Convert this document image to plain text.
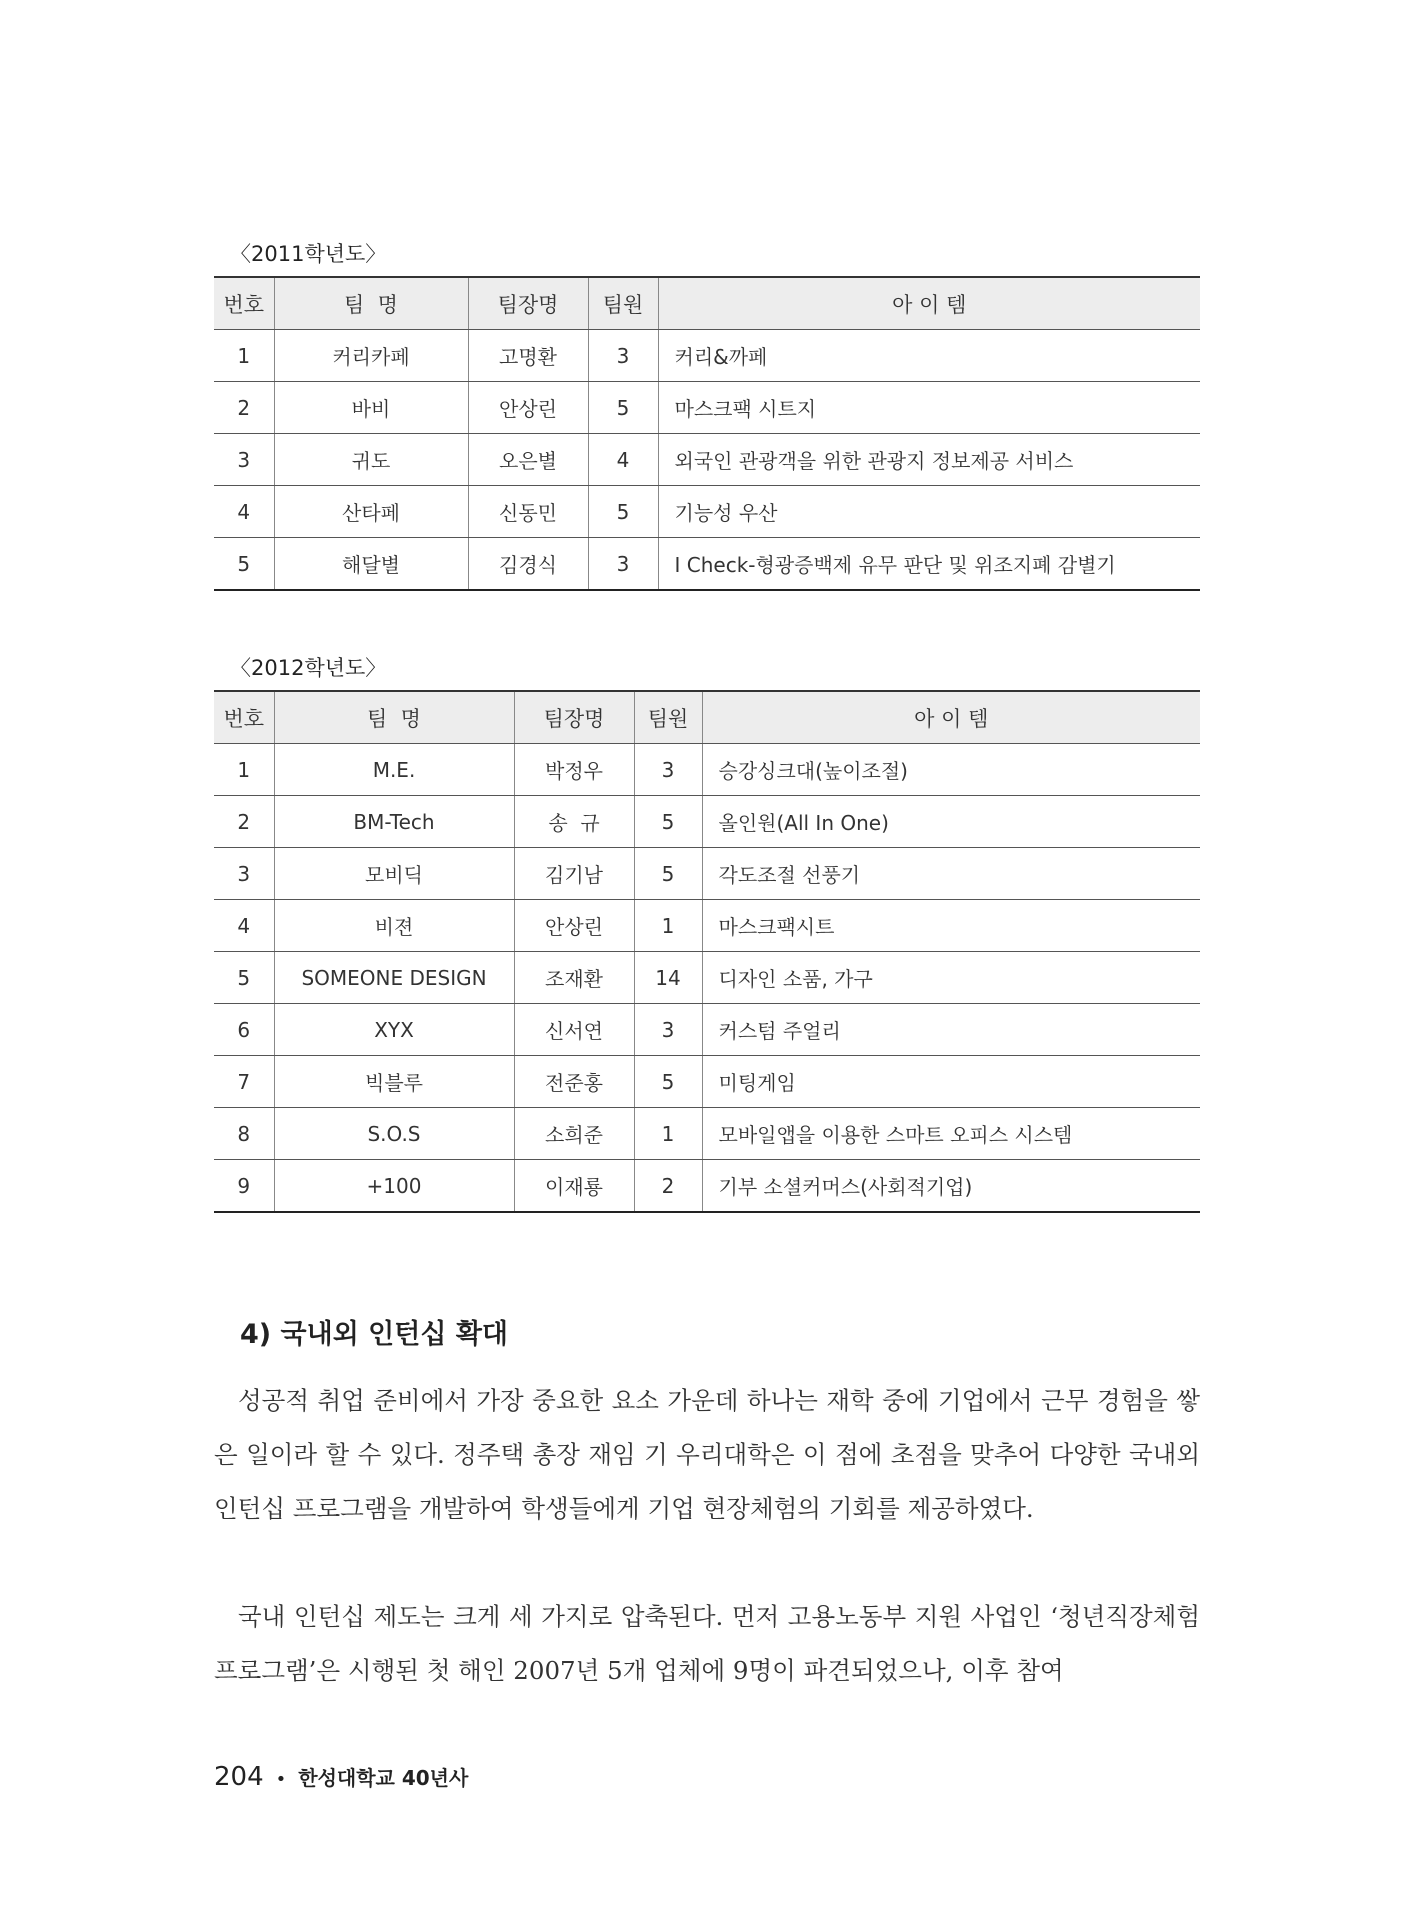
〈2011학년도〉
번호	팀  명	팀장명	팀원	아 이 템
1	커리카페	고명환	3	커리&까페
2	바비	안상린	5	마스크팩 시트지
3	귀도	오은별	4	외국인 관광객을 위한 관광지 정보제공 서비스
4	산타페	신동민	5	기능성 우산
5	해달별	김경식	3	I Check-형광증백제 유무 판단 및 위조지폐 감별기
〈2012학년도〉
번호	팀  명	팀장명	팀원	아 이 템
1	M.E.	박정우	3	승강싱크대(높이조절)
2	BM-Tech	송  규	5	올인원(All In One)
3	모비딕	김기남	5	각도조절 선풍기
4	비젼	안상린	1	마스크팩시트
5	SOMEONE DESIGN	조재환	14	디자인 소품, 가구
6	XYX	신서연	3	커스텀 주얼리
7	빅블루	전준홍	5	미팅게임
8	S.O.S	소희준	1	모바일앱을 이용한 스마트 오피스 시스템
9	+100	이재룡	2	기부 소셜커머스(사회적기업)
4) 국내외 인턴십 확대

성공적 취업 준비에서 가장 중요한 요소 가운데 하나는 재학 중에 기업에서 근무 경험을 쌓은 일이라 할 수 있다. 정주택 총장 재임 기 우리대학은 이 점에 초점을 맞추어 다양한 국내외 인턴십 프로그램을 개발하여 학생들에게 기업 현장체험의 기회를 제공하였다.

국내 인턴십 제도는 크게 세 가지로 압축된다. 먼저 고용노동부 지원 사업인 ‘청년직장체험 프로그램’은 시행된 첫 해인 2007년 5개 업체에 9명이 파견되었으나, 이후 참여

204 • 한성대학교 40년사
